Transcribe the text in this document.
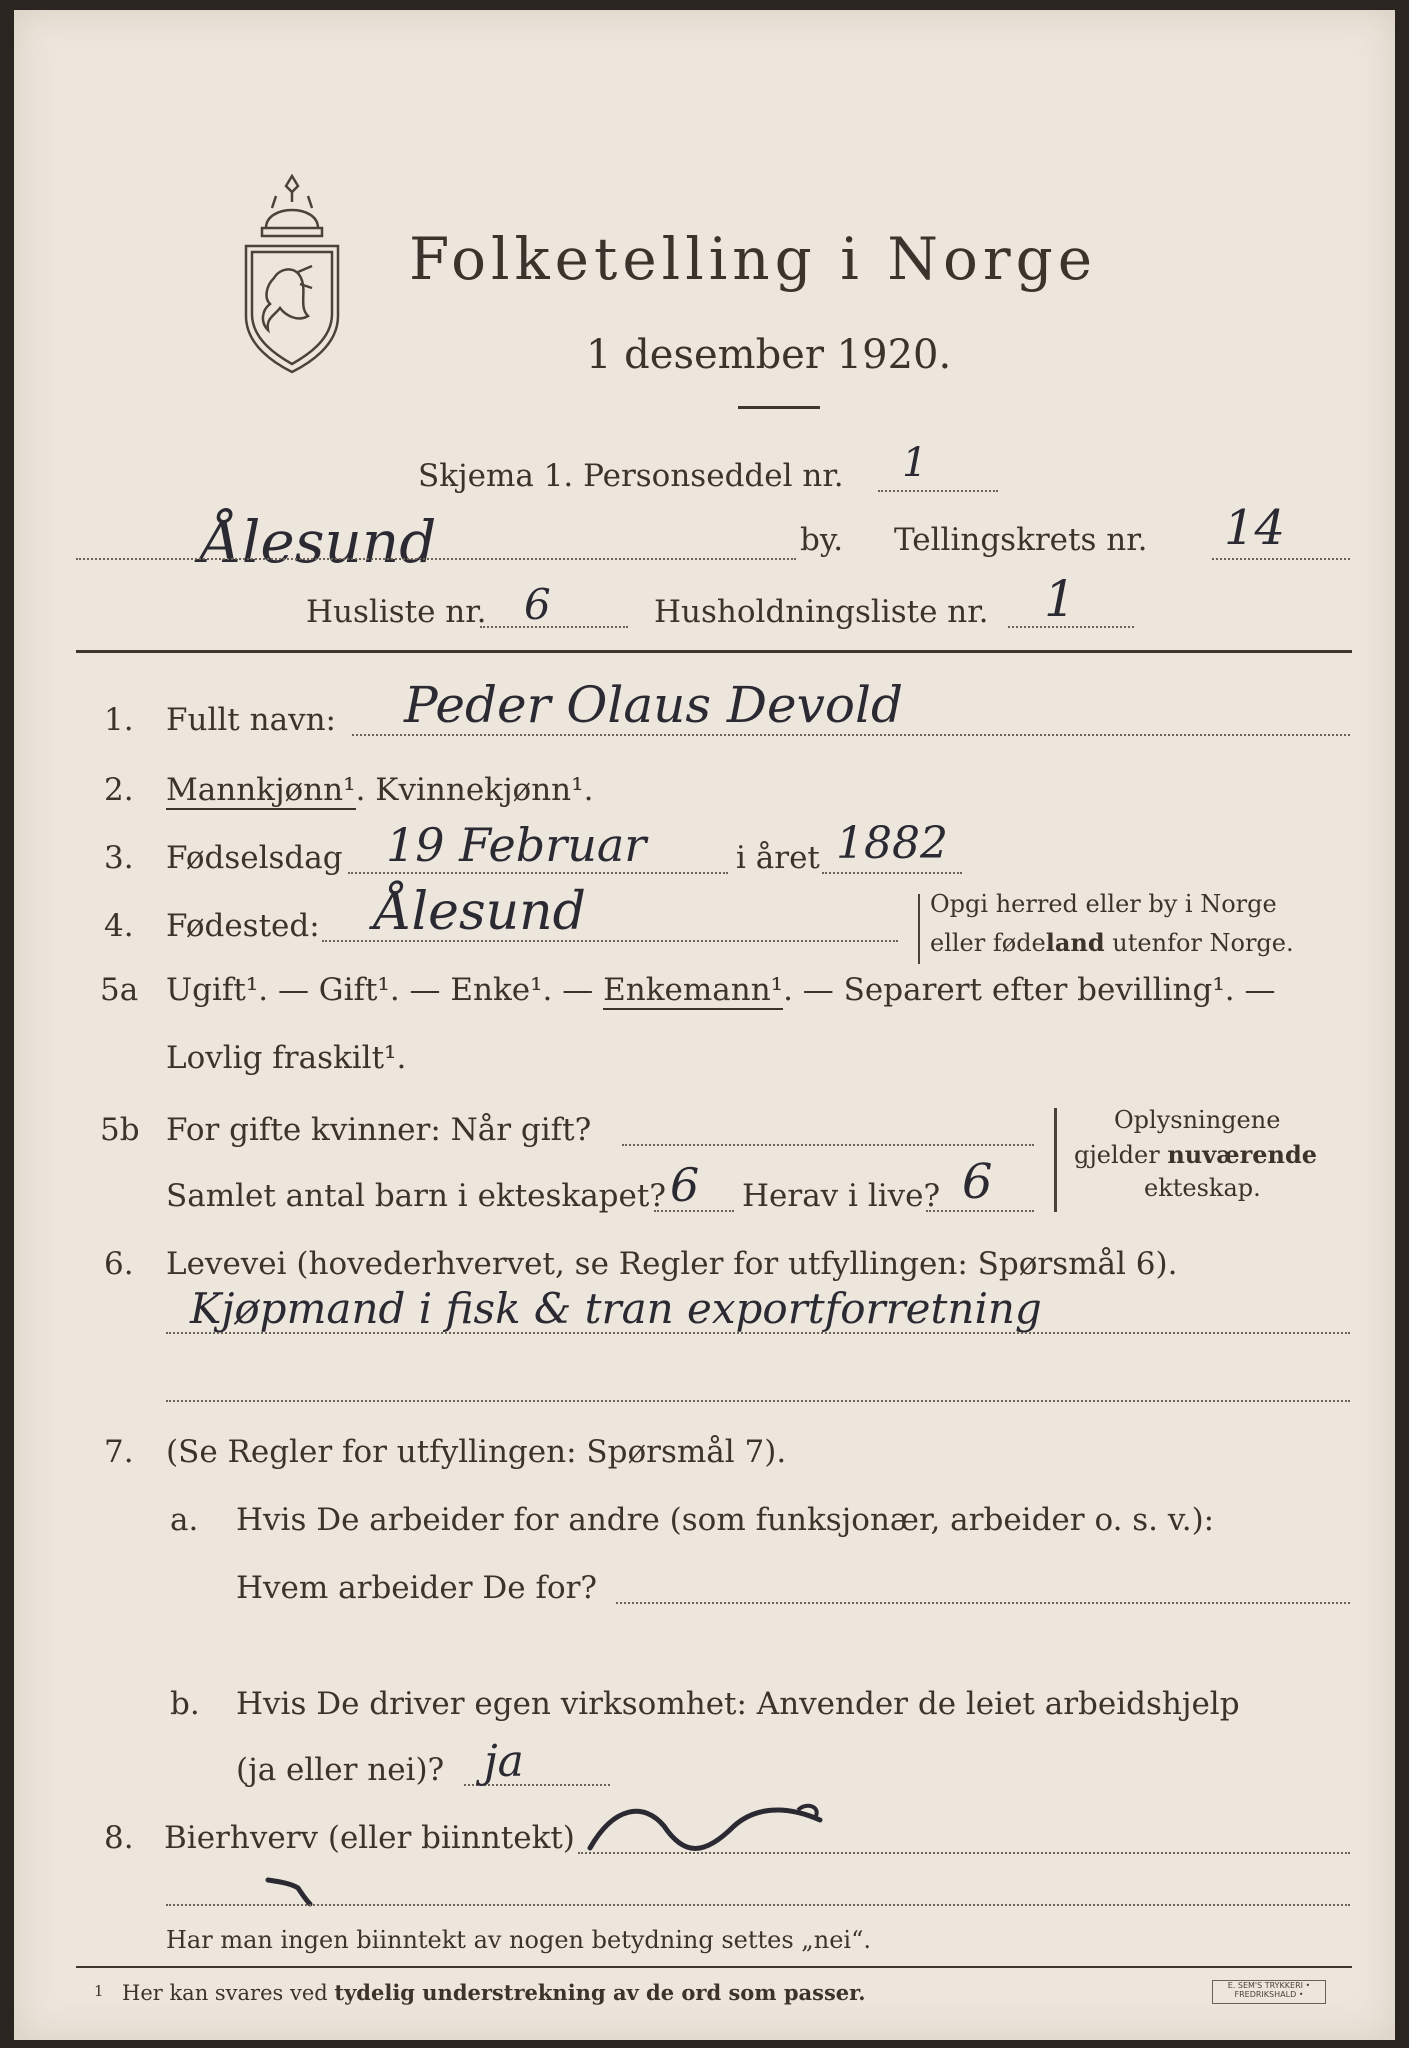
Folketelling i Norge
1 desember 1920.
Skjema 1. Personseddel nr. 1
Ålesund	by. Tellingskrets nr. 14
Husliste nr. 6	Husholdningsliste nr. 1
1. Fullt navn: Peder Olaus Devold
2. Mannkjønn¹. Kvinnekjønn¹.
3. Fødselsdag 19 Februar	i året 1882
4. Fødested: Ålesund	Opgi herred eller by i Norge
eller fødeland utenfor Norge.
5a Ugift¹. — Gift¹. — Enke¹. — Enkemann¹. — Separert efter bevilling¹. —
Lovlig fraskilt¹.
5b For gifte kvinner: Når gift?
Samlet antal barn i ekteskapet? 6 Herav i live? 6
Oplysningene
gjelder nuværende
ekteskap.
6. Levevei (hovederhvervet, se Regler for utfyllingen: Spørsmål 6).
Kjøpmand i fisk & tran exportforretning
7. (Se Regler for utfyllingen: Spørsmål 7).
a. Hvis De arbeider for andre (som funksjonær, arbeider o. s. v.):
Hvem arbeider De for?
b. Hvis De driver egen virksomhet: Anvender de leiet arbeidshjelp
(ja eller nei)? ja
8. Bierhverv (eller biinntekt)
Har man ingen biinntekt av nogen betydning settes „nei“.
1 Her kan svares ved tydelig understrekning av de ord som passer.	E. SEM'S TRYKKERI • FREDRIKSHALD •
